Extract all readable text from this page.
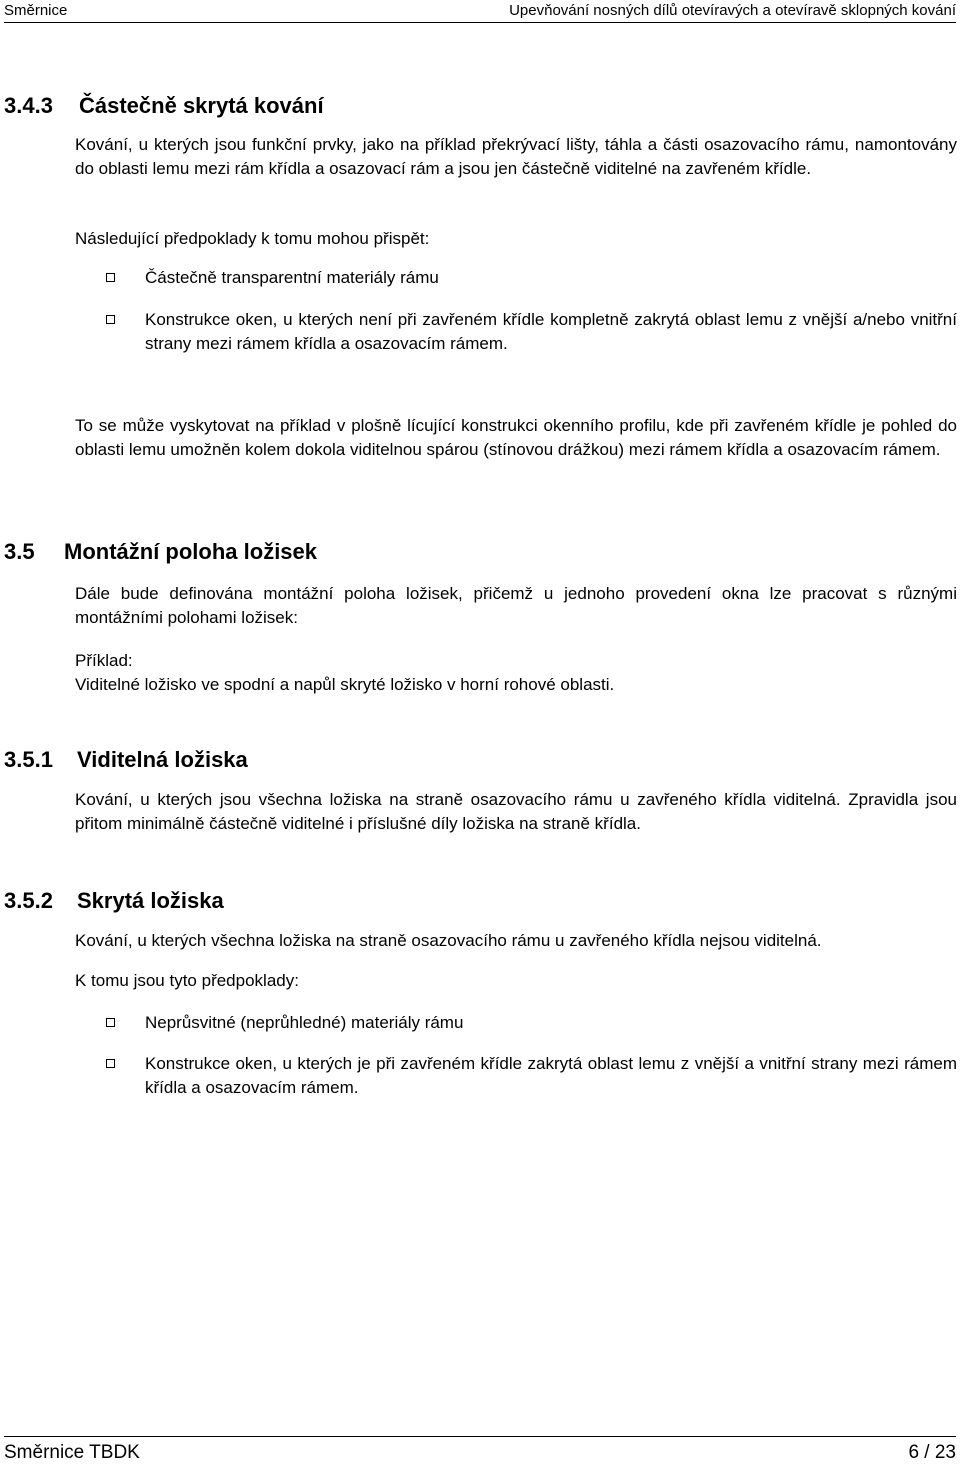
Směrnice	Upevňování nosných dílů otevíravých a otevíravě sklopných kování
3.4.3 Částečně skrytá kování

Kování, u kterých jsou funkční prvky, jako na příklad překrývací lišty, táhla a části osazovacího rámu, namontovány do oblasti lemu mezi rám křídla a osazovací rám a jsou jen částečně viditelné na zavřeném křídle.

Následující předpoklady k tomu mohou přispět:

Částečně transparentní materiály rámu
Konstrukce oken, u kterých není při zavřeném křídle kompletně zakrytá oblast lemu z vnější a/nebo vnitřní strany mezi rámem křídla a osazovacím rámem.

To se může vyskytovat na příklad v plošně lícující konstrukci okenního profilu, kde při zavřeném křídle je pohled do oblasti lemu umožněn kolem dokola viditelnou spárou (stínovou drážkou) mezi rámem křídla a osazovacím rámem.

3.5 Montážní poloha ložisek

Dále bude definována montážní poloha ložisek, přičemž u jednoho provedení okna lze pracovat s různými montážními polohami ložisek:

Příklad:

Viditelné ložisko ve spodní a napůl skryté ložisko v horní rohové oblasti.

3.5.1 Viditelná ložiska

Kování, u kterých jsou všechna ložiska na straně osazovacího rámu u zavřeného křídla viditelná. Zpravidla jsou přitom minimálně částečně viditelné i příslušné díly ložiska na straně křídla.

3.5.2 Skrytá ložiska

Kování, u kterých všechna ložiska na straně osazovacího rámu u zavřeného křídla nejsou viditelná.

K tomu jsou tyto předpoklady:

Neprůsvitné (neprůhledné) materiály rámu
Konstrukce oken, u kterých je při zavřeném křídle zakrytá oblast lemu z vnější a vnitřní strany mezi rámem křídla a osazovacím rámem.
Směrnice TBDK	6 / 23
